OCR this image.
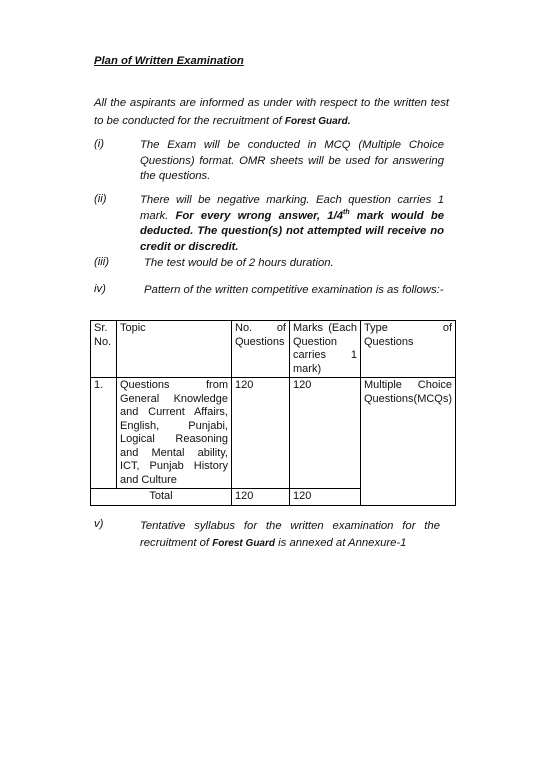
Plan of Written Examination
All the aspirants are informed as under with respect to the written test to be conducted for the recruitment of Forest Guard.
(i)	The Exam will be conducted in MCQ (Multiple Choice Questions) format. OMR sheets will be used for answering the questions.
(ii)	There will be negative marking. Each question carries 1 mark. For every wrong answer, 1/4th mark would be deducted. The question(s) not attempted will receive no credit or discredit.
(iii)	The test would be of 2 hours duration.
iv)	Pattern of the written competitive examination is as follows:-
Sr. No.	Topic	No. of Questions	Marks (Each Question carries 1 mark)	Type of Questions
1.	Questions from General Knowledge and Current Affairs, English, Punjabi, Logical Reasoning and Mental ability, ICT, Punjab History and Culture	120	120	Multiple Choice Questions(MCQs)
Total		120	120	
v)	Tentative syllabus for the written examination for the recruitment of Forest Guard is annexed at Annexure-1
